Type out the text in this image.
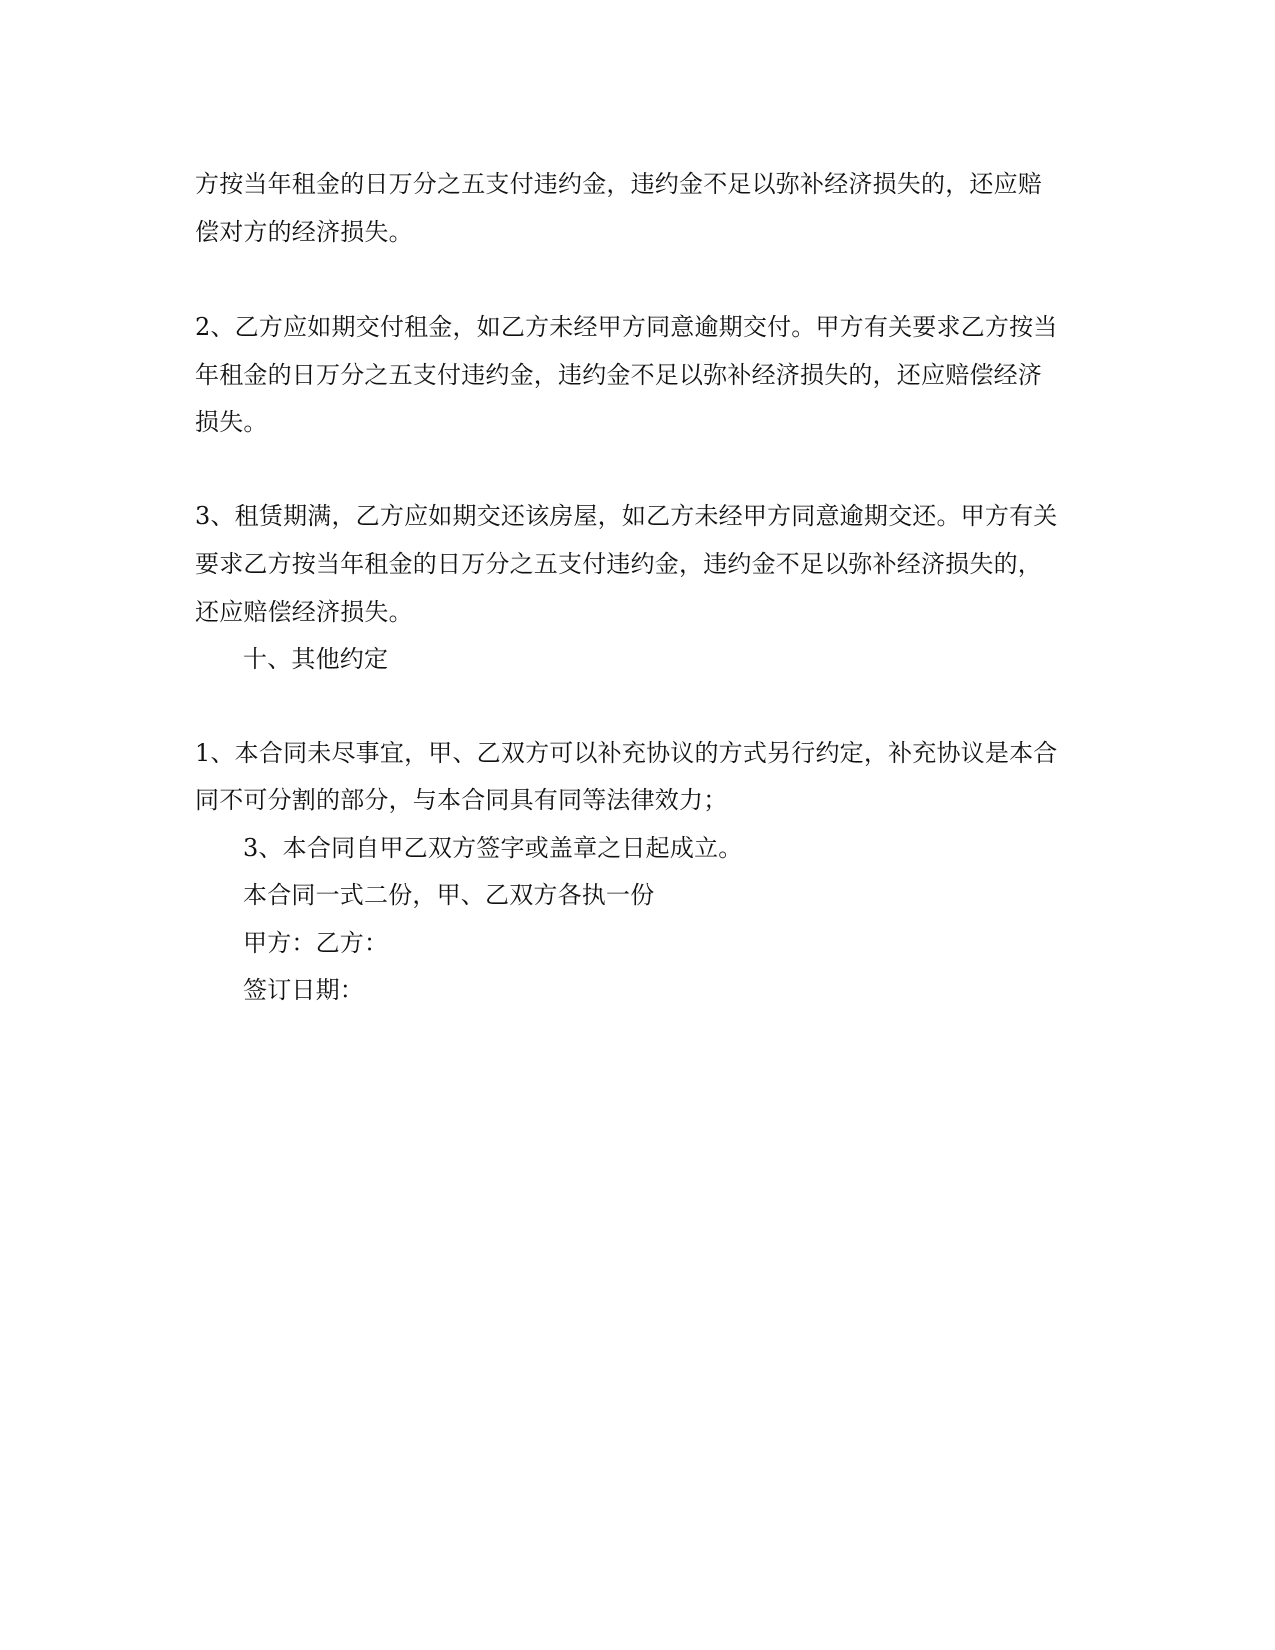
方按当年租金的日万分之五支付违约金，违约金不足以弥补经济损失的，还应赔
偿对方的经济损失。
2、乙方应如期交付租金，如乙方未经甲方同意逾期交付。甲方有关要求乙方按当
年租金的日万分之五支付违约金，违约金不足以弥补经济损失的，还应赔偿经济
损失。
3、租赁期满，乙方应如期交还该房屋，如乙方未经甲方同意逾期交还。甲方有关
要求乙方按当年租金的日万分之五支付违约金，违约金不足以弥补经济损失的，
还应赔偿经济损失。
十、其他约定
1、本合同未尽事宜，甲、乙双方可以补充协议的方式另行约定，补充协议是本合
同不可分割的部分，与本合同具有同等法律效力；
3、本合同自甲乙双方签字或盖章之日起成立。
本合同一式二份，甲、乙双方各执一份
甲方：乙方：
签订日期：
